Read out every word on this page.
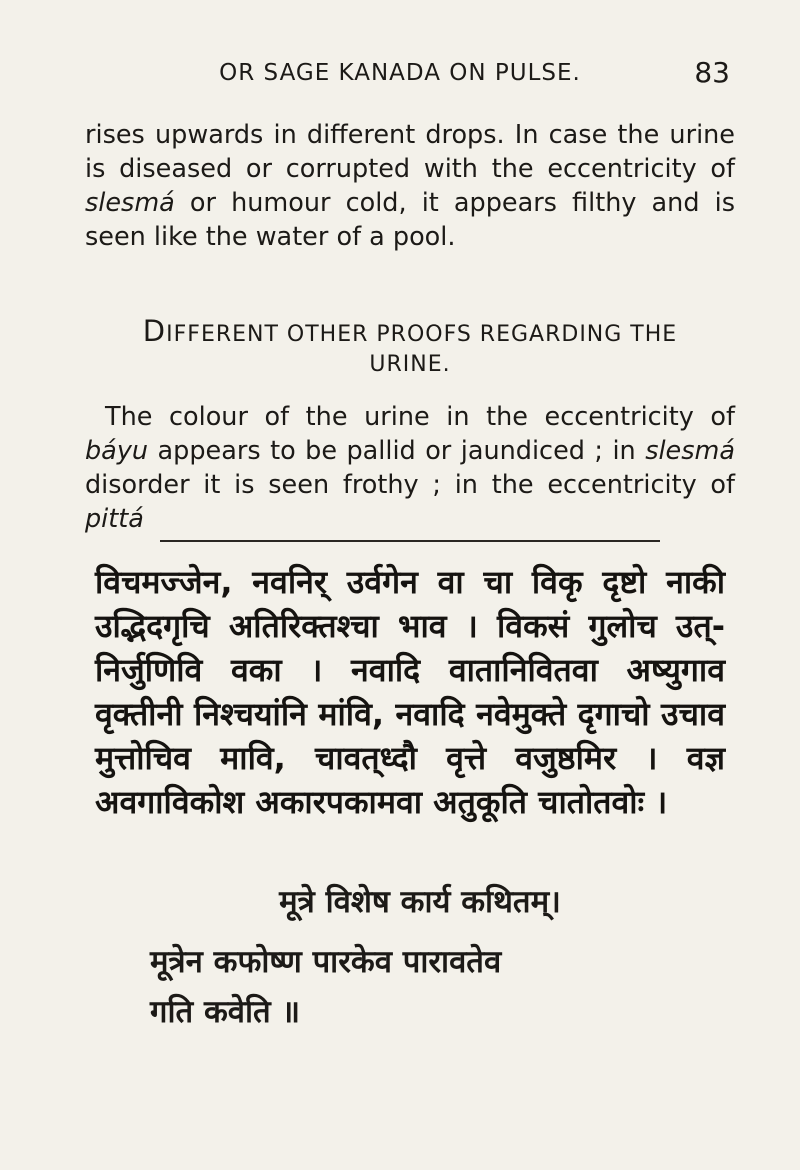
OR SAGE KANADA ON PULSE.	83
rises upwards in different drops. In case the urine is diseased or corrupted with the eccentricity of slesmá or humour cold, it appears filthy and is seen like the water of a pool.
DIFFERENT OTHER PROOFS REGARDING THE
URINE.
The colour of the urine in the eccentricity of báyu appears to be pallid or jaundiced ; in slesmá disorder it is seen frothy ; in the eccentricity of pittá
विचमज्जेन, नवनिर् उर्वगेन वा चा विकृ दृष्टो नाकी उद्भिदगृचि अतिरिक्तश्चा भाव । विकसं गुलोच उत्- निर्जुणिवि वका । नवादि वातानिवितवा अष्युगाव वृक्तीनी निश्चयांनि मांवि, नवादि नवेमुक्ते दृगाचो उचाव मुत्तोचिव मावि, चावत्‌ध्दौ वृत्ते वजुष्ठमिर । वज्ञ अवगाविकोश अकारपकामवा अतुकूति चातोतवोः ।
मूत्रे विशेष कार्य कथितम्।
मूत्रेन कफोष्ण पारकेव पारावतेव
गति कवेति ॥
